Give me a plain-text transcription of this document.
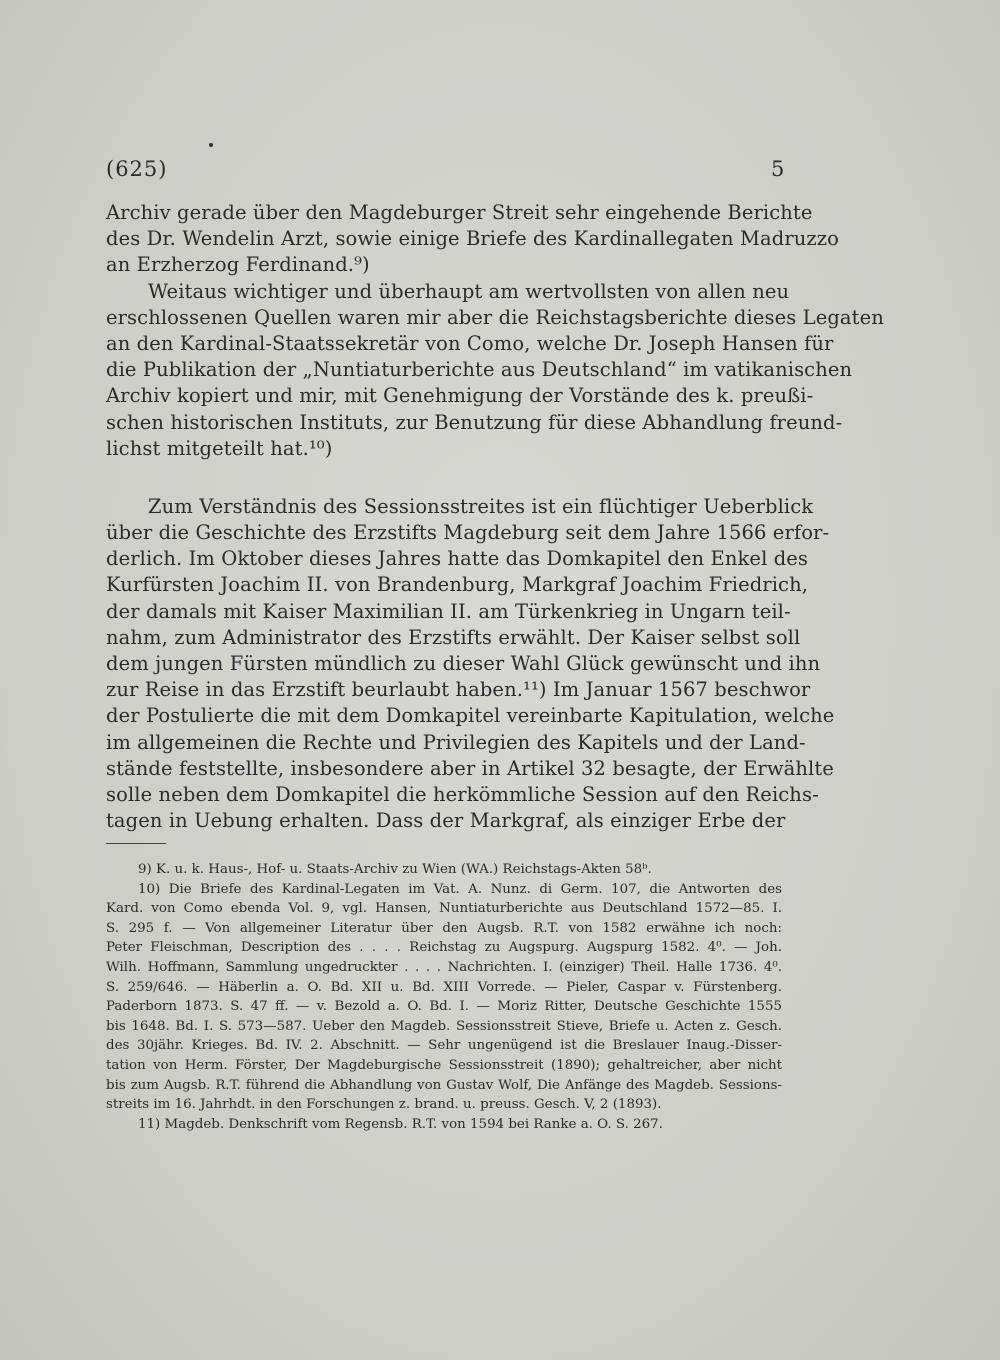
(625)	5
Archiv gerade über den Magdeburger Streit sehr eingehende Berichte
des Dr. Wendelin Arzt, sowie einige Briefe des Kardinallegaten Madruzzo
an Erzherzog Ferdinand.⁹)
Weitaus wichtiger und überhaupt am wertvollsten von allen neu
erschlossenen Quellen waren mir aber die Reichstagsberichte dieses Legaten
an den Kardinal-Staatssekretär von Como, welche Dr. Joseph Hansen für
die Publikation der „Nuntiaturberichte aus Deutschland“ im vatikanischen
Archiv kopiert und mir, mit Genehmigung der Vorstände des k. preußi-
schen historischen Instituts, zur Benutzung für diese Abhandlung freund-
lichst mitgeteilt hat.¹⁰)
Zum Verständnis des Sessionsstreites ist ein flüchtiger Ueberblick
über die Geschichte des Erzstifts Magdeburg seit dem Jahre 1566 erfor-
derlich. Im Oktober dieses Jahres hatte das Domkapitel den Enkel des
Kurfürsten Joachim II. von Brandenburg, Markgraf Joachim Friedrich,
der damals mit Kaiser Maximilian II. am Türkenkrieg in Ungarn teil-
nahm, zum Administrator des Erzstifts erwählt. Der Kaiser selbst soll
dem jungen Fürsten mündlich zu dieser Wahl Glück gewünscht und ihn
zur Reise in das Erzstift beurlaubt haben.¹¹) Im Januar 1567 beschwor
der Postulierte die mit dem Domkapitel vereinbarte Kapitulation, welche
im allgemeinen die Rechte und Privilegien des Kapitels und der Land-
stände feststellte, insbesondere aber in Artikel 32 besagte, der Erwählte
solle neben dem Domkapitel die herkömmliche Session auf den Reichs-
tagen in Uebung erhalten. Dass der Markgraf, als einziger Erbe der
9) K. u. k. Haus-, Hof- u. Staats-Archiv zu Wien (WA.) Reichstags-Akten 58ᵇ.
10) Die Briefe des Kardinal-Legaten im Vat. A. Nunz. di Germ. 107, die Antworten des
Kard. von Como ebenda Vol. 9, vgl. Hansen, Nuntiaturberichte aus Deutschland 1572—85. I.
S. 295 f. — Von allgemeiner Literatur über den Augsb. R.T. von 1582 erwähne ich noch:
Peter Fleischman, Description des . . . . Reichstag zu Augspurg. Augspurg 1582. 4⁰. — Joh.
Wilh. Hoffmann, Sammlung ungedruckter . . . . Nachrichten. I. (einziger) Theil. Halle 1736. 4⁰.
S. 259/646. — Häberlin a. O. Bd. XII u. Bd. XIII Vorrede. — Pieler, Caspar v. Fürstenberg.
Paderborn 1873. S. 47 ff. — v. Bezold a. O. Bd. I. — Moriz Ritter, Deutsche Geschichte 1555
bis 1648. Bd. I. S. 573—587. Ueber den Magdeb. Sessionsstreit Stieve, Briefe u. Acten z. Gesch.
des 30jähr. Krieges. Bd. IV. 2. Abschnitt. — Sehr ungenügend ist die Breslauer Inaug.-Disser-
tation von Herm. Förster, Der Magdeburgische Sessionsstreit (1890); gehaltreicher, aber nicht
bis zum Augsb. R.T. führend die Abhandlung von Gustav Wolf, Die Anfänge des Magdeb. Sessions-
streits im 16. Jahrhdt. in den Forschungen z. brand. u. preuss. Gesch. V, 2 (1893).
11) Magdeb. Denkschrift vom Regensb. R.T. von 1594 bei Ranke a. O. S. 267.
